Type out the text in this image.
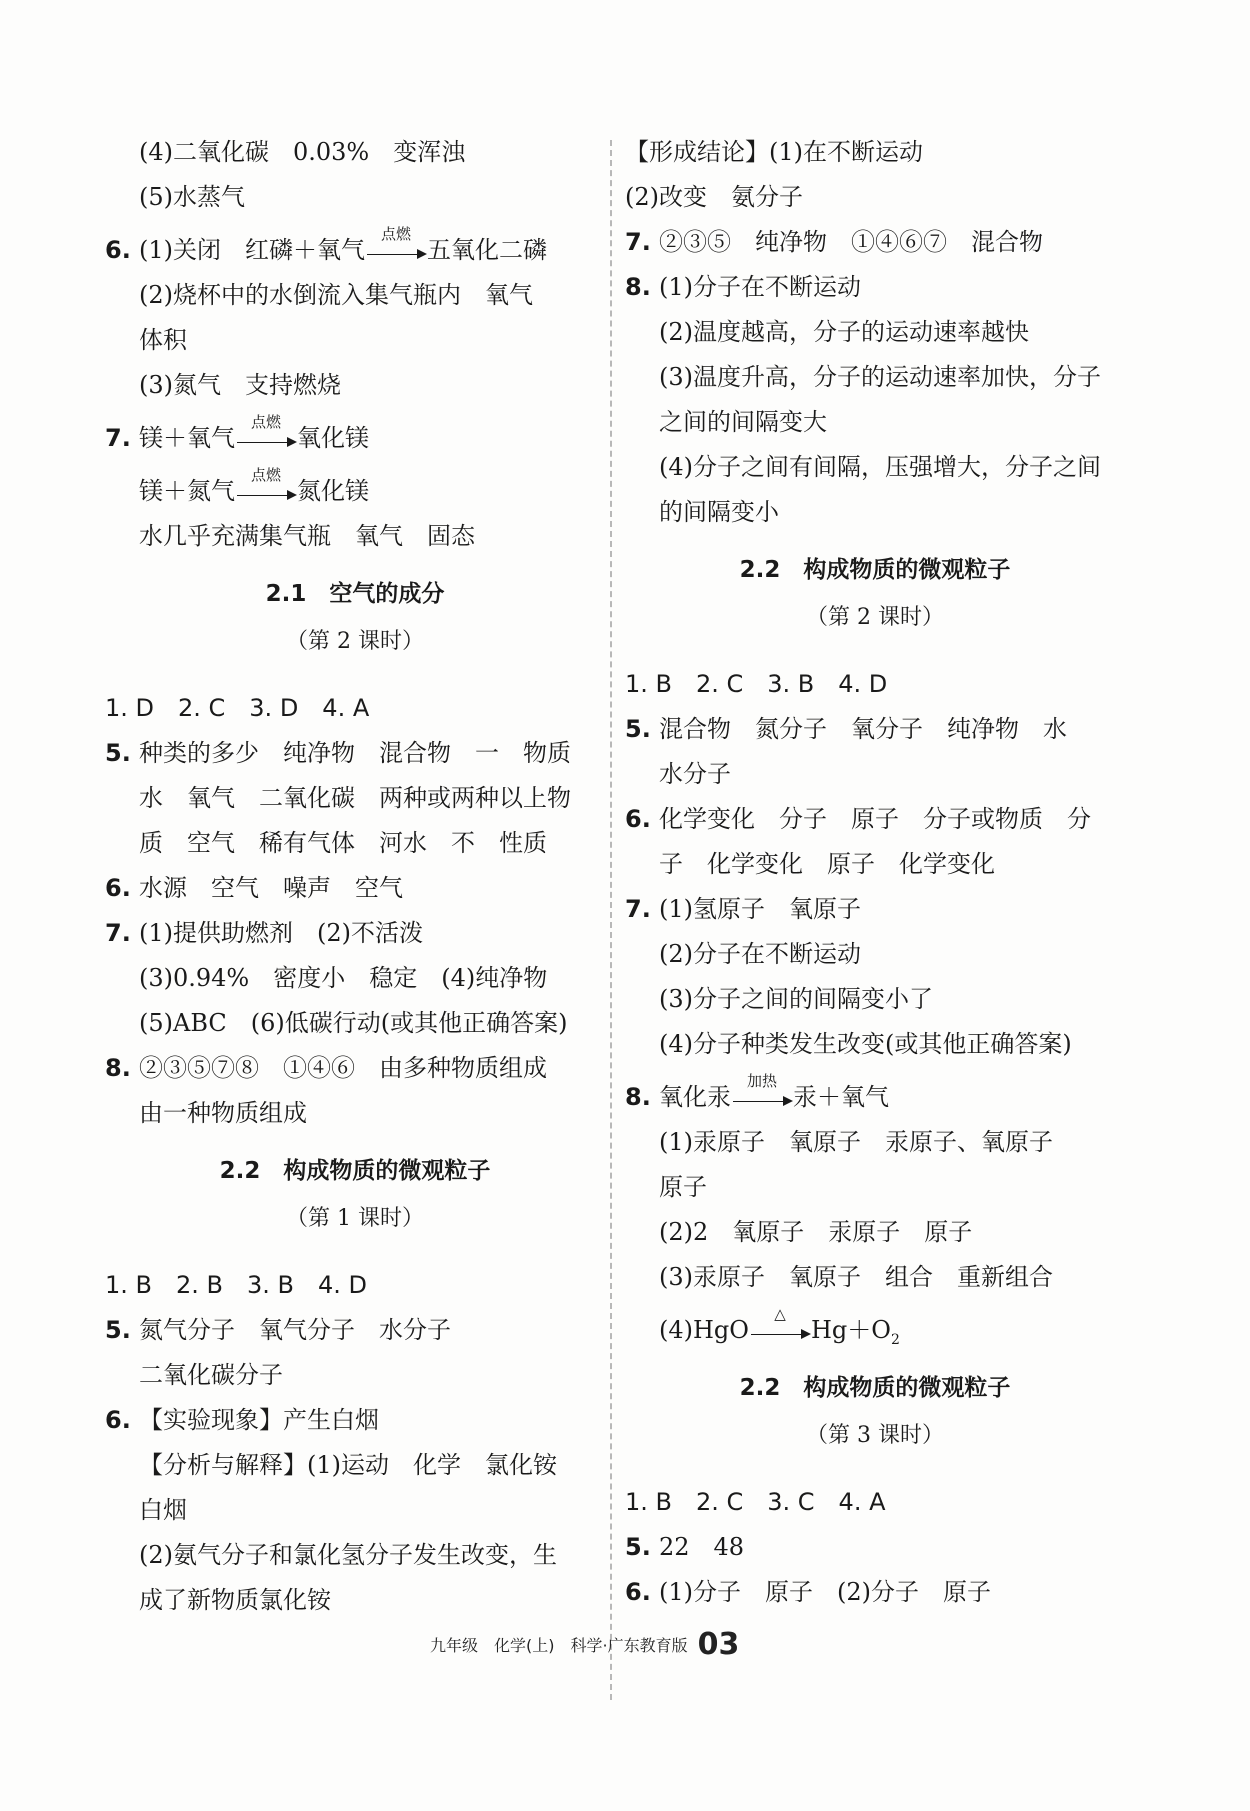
(4)二氧化碳　0.03%　变浑浊
(5)水蒸气
6. (1)关闭　红磷＋氧气
点燃
五氧化二磷
(2)烧杯中的水倒流入集气瓶内　氧气
体积
(3)氮气　支持燃烧
7. 镁＋氧气
点燃
氧化镁
镁＋氮气
点燃
氮化镁
水几乎充满集气瓶　氧气　固态
2.1　空气的成分
（第 2 课时）
1. D　2. C　3. D　4. A
5. 种类的多少　纯净物　混合物　一　物质
水　氧气　二氧化碳　两种或两种以上物
质　空气　稀有气体　河水　不　性质
6. 水源　空气　噪声　空气
7. (1)提供助燃剂　(2)不活泼
(3)0.94%　密度小　稳定　(4)纯净物
(5)ABC　(6)低碳行动(或其他正确答案)
8. ②③⑤⑦⑧　①④⑥　由多种物质组成
由一种物质组成
2.2　构成物质的微观粒子
（第 1 课时）
1. B　2. B　3. B　4. D
5. 氮气分子　氧气分子　水分子
二氧化碳分子
6. 【实验现象】产生白烟
【分析与解释】(1)运动　化学　氯化铵
白烟
(2)氨气分子和氯化氢分子发生改变，生
成了新物质氯化铵
【形成结论】(1)在不断运动
(2)改变　氨分子
7. ②③⑤　纯净物　①④⑥⑦　混合物
8. (1)分子在不断运动
(2)温度越高，分子的运动速率越快
(3)温度升高，分子的运动速率加快，分子
之间的间隔变大
(4)分子之间有间隔，压强增大，分子之间
的间隔变小
2.2　构成物质的微观粒子
（第 2 课时）
1. B　2. C　3. B　4. D
5. 混合物　氮分子　氧分子　纯净物　水
水分子
6. 化学变化　分子　原子　分子或物质　分
子　化学变化　原子　化学变化
7. (1)氢原子　氧原子
(2)分子在不断运动
(3)分子之间的间隔变小了
(4)分子种类发生改变(或其他正确答案)
8. 氧化汞
加热
汞＋氧气
(1)汞原子　氧原子　汞原子、氧原子
原子
(2)2　氧原子　汞原子　原子
(3)汞原子　氧原子　组合　重新组合
(4)HgO
△
$Hg+O_2$
2.2　构成物质的微观粒子
（第 3 课时）
1. B　2. C　3. C　4. A
5. 22　48
6. (1)分子　原子　(2)分子　原子
九年级　化学(上)　科学·广东教育版 03
